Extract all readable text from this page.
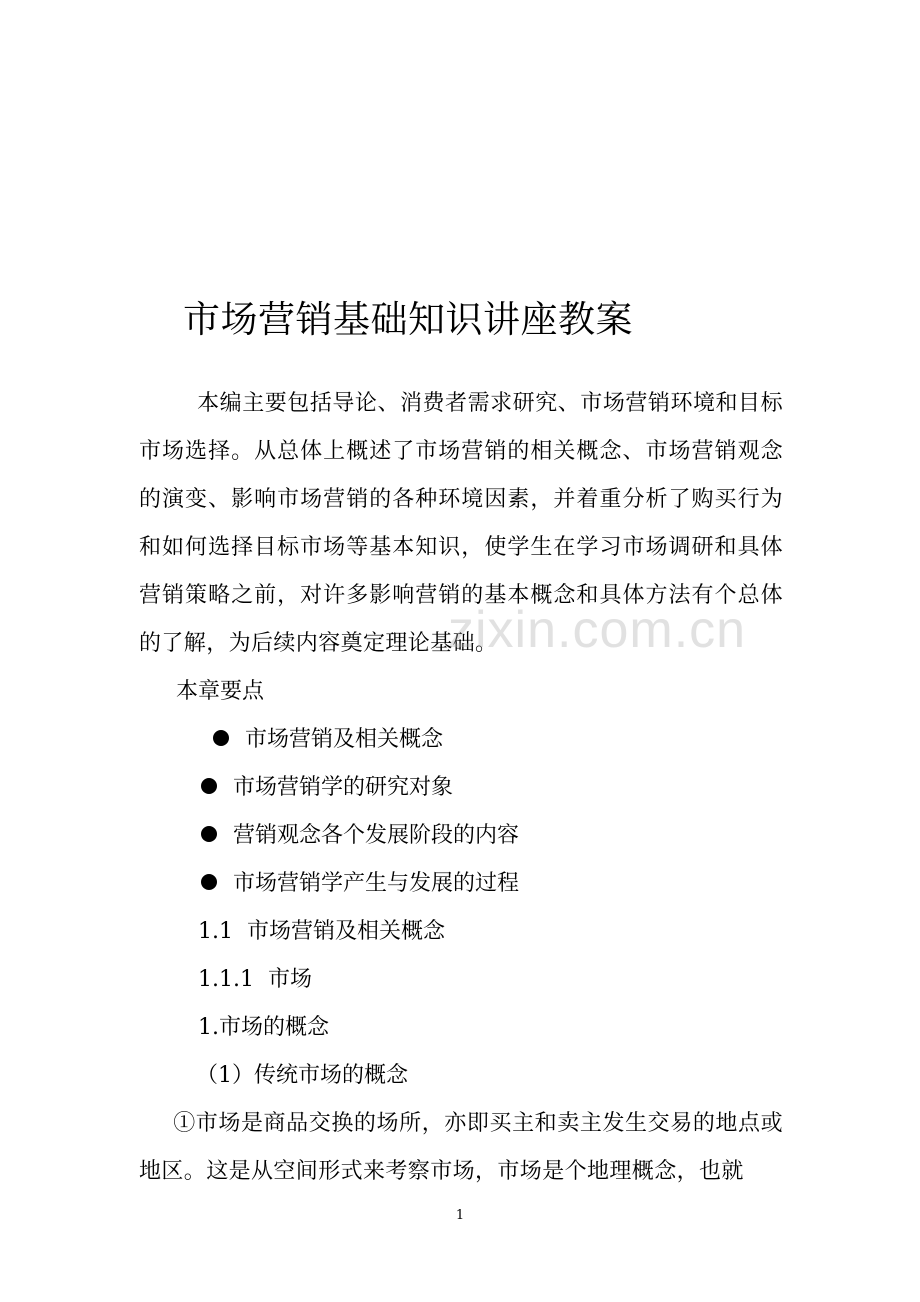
市场营销基础知识讲座教案
本编主要包括导论、消费者需求研究、市场营销环境和目标市场选择。从总体上概述了市场营销的相关概念、市场营销观念的演变、影响市场营销的各种环境因素，并着重分析了购买行为和如何选择目标市场等基本知识，使学生在学习市场调研和具体营销策略之前，对许多影响营销的基本概念和具体方法有个总体的了解，为后续内容奠定理论基础。
本章要点
市场营销及相关概念
市场营销学的研究对象
营销观念各个发展阶段的内容
市场营销学产生与发展的过程
1.1  市场营销及相关概念
1.1.1  市场
1.市场的概念
（1）传统市场的概念
①市场是商品交换的场所，亦即买主和卖主发生交易的地点或地区。这是从空间形式来考察市场，市场是个地理概念，也就
zixin.com.cn
1
